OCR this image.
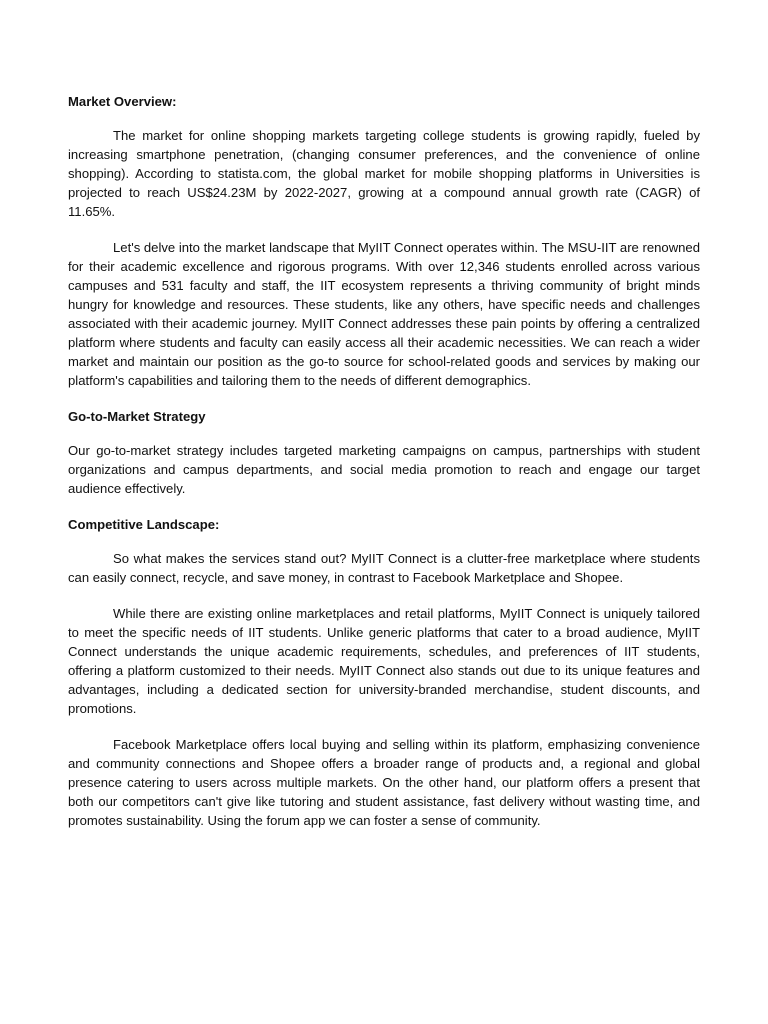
Market Overview:

The market for online shopping markets targeting college students is growing rapidly, fueled by increasing smartphone penetration, (changing consumer preferences, and the convenience of online shopping). According to statista.com, the global market for mobile shopping platforms in Universities is projected to reach US$24.23M by 2022-2027, growing at a compound annual growth rate (CAGR) of 11.65%.

Let's delve into the market landscape that MyIIT Connect operates within. The MSU-IIT are renowned for their academic excellence and rigorous programs. With over 12,346 students enrolled across various campuses and 531 faculty and staff, the IIT ecosystem represents a thriving community of bright minds hungry for knowledge and resources. These students, like any others, have specific needs and challenges associated with their academic journey. MyIIT Connect addresses these pain points by offering a centralized platform where students and faculty can easily access all their academic necessities. We can reach a wider market and maintain our position as the go-to source for school-related goods and services by making our platform's capabilities and tailoring them to the needs of different demographics.

Go-to-Market Strategy

Our go-to-market strategy includes targeted marketing campaigns on campus, partnerships with student organizations and campus departments, and social media promotion to reach and engage our target audience effectively.

Competitive Landscape:

So what makes the services stand out? MyIIT Connect is a clutter-free marketplace where students can easily connect, recycle, and save money, in contrast to Facebook Marketplace and Shopee.

While there are existing online marketplaces and retail platforms, MyIIT Connect is uniquely tailored to meet the specific needs of IIT students. Unlike generic platforms that cater to a broad audience, MyIIT Connect understands the unique academic requirements, schedules, and preferences of IIT students, offering a platform customized to their needs. MyIIT Connect also stands out due to its unique features and advantages, including a dedicated section for university-branded merchandise, student discounts, and promotions.

Facebook Marketplace offers local buying and selling within its platform, emphasizing convenience and community connections and Shopee offers a broader range of products and, a regional and global presence catering to users across multiple markets. On the other hand, our platform offers a present that both our competitors can't give like tutoring and student assistance, fast delivery without wasting time, and promotes sustainability. Using the forum app we can foster a sense of community.
